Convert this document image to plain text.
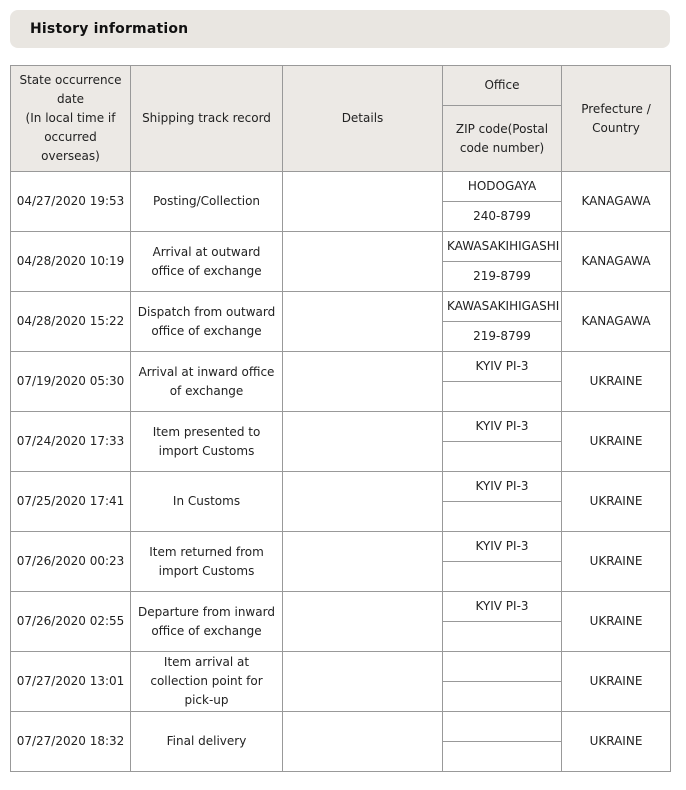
History information
State occurrence date
(In local time if occurred overseas)	Shipping track record	Details	Office	Prefecture /
Country
			ZIP code(Postal code number)	
04/27/2020 19:53	Posting/Collection		HODOGAYA	KANAGAWA
			240-8799	
04/28/2020 10:19	Arrival at outward office of exchange		KAWASAKIHIGASHI	KANAGAWA
			219-8799	
04/28/2020 15:22	Dispatch from outward office of exchange		KAWASAKIHIGASHI	KANAGAWA
			219-8799	
07/19/2020 05:30	Arrival at inward office of exchange		KYIV PI-3	UKRAINE

07/24/2020 17:33	Item presented to import Customs		KYIV PI-3	UKRAINE

07/25/2020 17:41	In Customs		KYIV PI-3	UKRAINE

07/26/2020 00:23	Item returned from import Customs		KYIV PI-3	UKRAINE

07/26/2020 02:55	Departure from inward office of exchange		KYIV PI-3	UKRAINE

07/27/2020 13:01	Item arrival at collection point for pick-up			UKRAINE

07/27/2020 18:32	Final delivery			UKRAINE
